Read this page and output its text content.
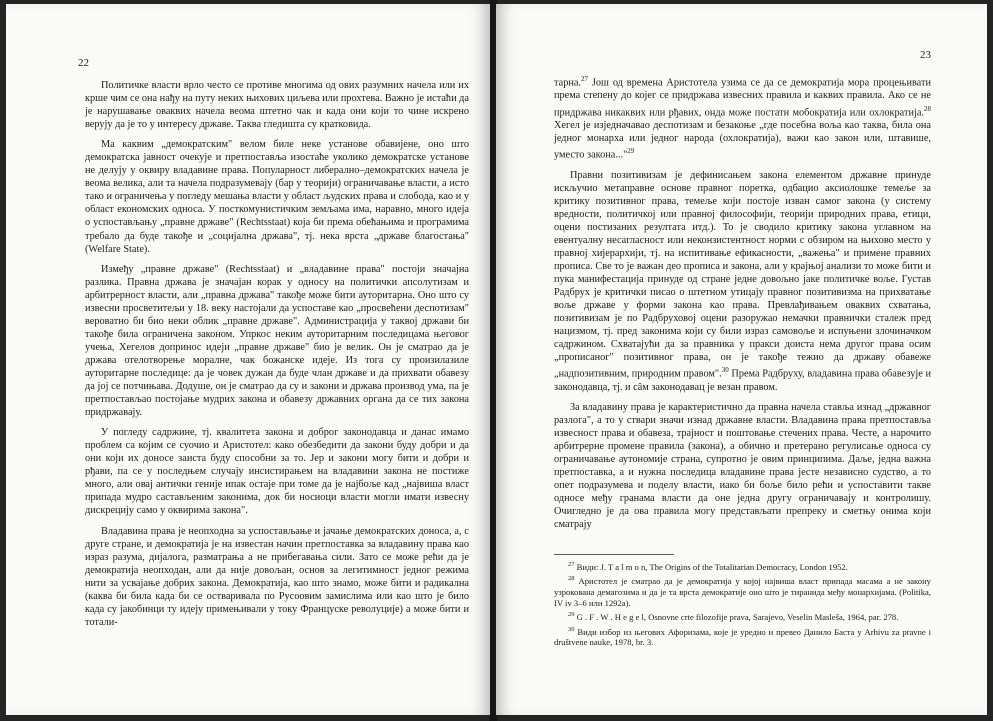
22

Политичке власти врло често се противе многима од ових разумних начела или их крше чим се она нађу на путу неких њихових циљева или прохтева. Важно је истаћи да је нарушавање оваквих начела веома штетно чак и када они који то чине искрено верују да је то у интересу државе. Таква гледишта су кратковида.

Ма каквим „демократским" велом биле неке установе обавијене, оно што демократска јавност очекује и претпоставља изостаће уколико демократске установе не делују у оквиру владавине права. Популарност либерално–демократских начела је веома велика, али та начела подразумевају (бар у теорији) ограничавање власти, а исто тако и ограничења у погледу мешања власти у област људских права и слобода, као и у област економских односа. У посткомунистичким земљама има, наравно, много идеја о успостављању „правне државе" (Rechtsstaat) која би према обећањима и програмима требало да буде такође и „социјална држава", тј. нека врста „државе благостања" (Welfare State).

Између „правне државе" (Rechtsstaat) и „владавине права" постоји значајна разлика. Правна држава је значајан корак у односу на политички апсолутизам и арбитрерност власти, али „правна држава" такође може бити ауторитарна. Оно што су извесни просветитељи у 18. веку настојали да успоставе као „просвећени деспотизам" вероватно би био неки облик „правне државе". Администрација у таквој држави би такође била ограничена законом. Упркос неким ауторитарним последицама његовог учења, Хегелов допринос идеји „правне државе" био је велик. Он је сматрао да је држава отелотворење моралне, чак божанске идеје. Из тога су произилазиле ауторитарне последице: да је човек дужан да буде члан државе и да прихвати обавезу да јој се потчињава. Додуше, он је сматрао да су и закони и држава производ ума, па је претпостављао постојање мудрих закона и обавезу државних органа да се тих закона придржавају.

У погледу садржине, тј. квалитета закона и доброг законодавца и данас имамо проблем са којим се суочио и Аристотел: како обезбедити да закони буду добри и да они који их доносе заиста буду способни за то. Јер и закони могу бити и добри и рђави, па се у последњем случају инсистирањем на владавини закона не постиже много, али овај антички геније ипак остаје при томе да је најбоље кад „највиша власт припада мудро састављеним законима, док би носиоци власти могли имати извесну дискрецију само у оквирима закона".

Владавина права је неопходна за успостављање и јачање демократских доноса, а, с друге стране, и демократија је на известан начин претпоставка за владавину права као израз разума, дијалога, разматрања а не прибегавања сили. Зато се може рећи да је демократија неопходан, али да није довољан, основ за легитимност једног режима нити за усвајање добрих закона. Демократија, као што знамо, може бити и радикална (каква би била када би се остваривала по Русоовим замислима или као што је било када су јакобинци ту идеју примењивали у току Француске револуције) а може бити и тотали-

23

тарна.$^{27}$ Још од времена Аристотела узима се да се демократија мора процењивати према степену до којег се придржава извесних правила и каквих правила. Ако се не придржава никаквих или рђавих, онда може постати мобократија или охлократија.$^{28}$ Хегел је изједначавао деспотизам и безакоње „где посебна воља као таква, била она једног монарха или једног народа (охлократија), важи као закон или, штавише, уместо закона..."$^{29}$

Правни позитивизам је дефинисањем закона елементом државне принуде искључио метаправне основе правног поретка, одбацио аксиолошке темеље за критику позитивног права, темеље који постоје изван самог закона (у систему вредности, политичкој или правној философији, теорији природних права, етици, оцени постизаних резултата итд.). То је сводило критику закона углавном на евентуалну несагласност или неконзистентност норми с обзиром на њихово место у правној хијерархији, тј. на испитивање ефикасности, „важења" и примене правних прописа. Све то је важан део прописа и закона, али у крајњој анализи то може бити и пука манифестација принуде од стране једне довољно јаке политичке воље. Густав Радбрух је критички писао о штетном утицају правног позитивизма на прихватање воље државе у форми закона као права. Превлађивањем оваквих схватања, позитивизам је по Радбруховој оцени разоружао немачки правнички сталеж пред нацизмом, тј. пред законима који су били израз самовоље и испуњени злочиначком садржином. Схватајући да за правника у пракси доиста нема другог права осим „прописаног" позитивног права, он је такође тежио да државу обавеже „надпозитивним, природним правом".$^{30}$ Према Радбруху, владавина права обавезује и законодавца, тј. и сâм законодавац је везан правом.

За владавину права је карактеристично да правна начела ставља изнад „државног разлога", а то у ствари значи изнад државне власти. Владавина права претпоставља извесност права и обавеза, трајност и поштовање стечених права. Честе, а нарочито арбитрерне промене правила (закона), а обично и претерано регулисање односа су ограничавање аутономије страна, супротно је овим принципима. Даље, једна важна претпоставка, а и нужна последица владавине права јесте независно судство, а то опет подразумева и поделу власти, иако би боље било рећи и успоставити такве односе међу гранама власти да оне једна другу ограничавају и контролишу. Очигледно је да ова правила могу представљати препреку и сметњу онима који сматрају

$^{27}$ Види: J. T a l m o n, The Origins of the Totalitarian Democracy, London 1952.

$^{28}$ Аристотел је сматрао да је демократија у којој највиша власт припада масама а не закону узрокована демагозима и да је та врста демократије оно што је тиранида међу монархијама. (Politika, IV iv 3–6 или 1292a).

$^{29}$ G . F . W . H e g e l, Osnovne crte filozofije prava, Sarajevo, Veselin Masleša, 1964, par. 278.

$^{30}$ Види избор из његових Афоризама, које је уредио и превео Данило Баста у Arhivu za pravne i društvene nauke, 1978, br. 3.
